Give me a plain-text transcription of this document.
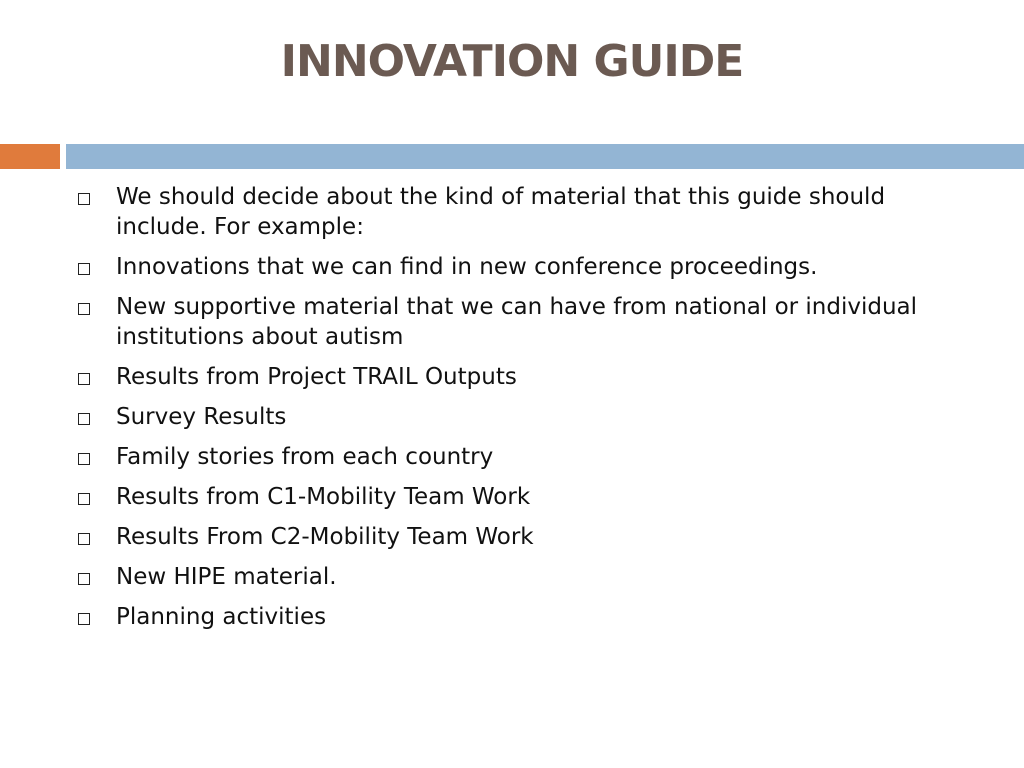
INNOVATION GUIDE
We should decide about the kind of material that this guide should include. For example:
Innovations that we can find in new conference proceedings.
New supportive material that we can have from national or individual institutions about autism
Results from Project TRAIL Outputs
Survey Results
Family stories from each country
Results from C1-Mobility Team Work
Results From C2-Mobility Team Work
New HIPE material.
Planning activities
